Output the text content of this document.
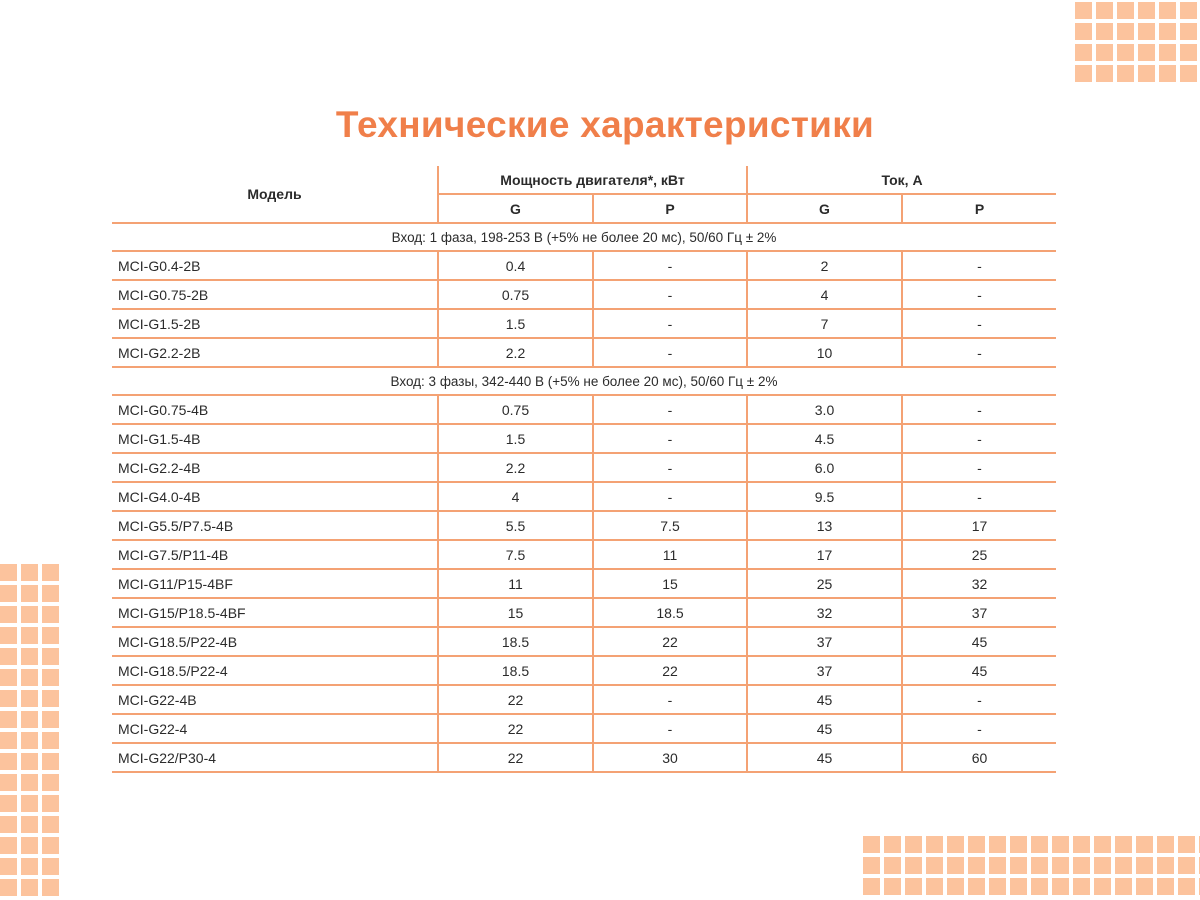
Технические характеристики
Модель	Мощность двигателя*, кВт		Ток, А	
	G	P	G	P
Вход: 1 фаза, 198-253 В (+5% не более 20 мс), 50/60 Гц ± 2%				
MCI-G0.4-2B	0.4	-	2	-
MCI-G0.75-2B	0.75	-	4	-
MCI-G1.5-2B	1.5	-	7	-
MCI-G2.2-2B	2.2	-	10	-
Вход: 3 фазы, 342-440 В (+5% не более 20 мс), 50/60 Гц ± 2%				
MCI-G0.75-4B	0.75	-	3.0	-
MCI-G1.5-4B	1.5	-	4.5	-
MCI-G2.2-4B	2.2	-	6.0	-
MCI-G4.0-4B	4	-	9.5	-
MCI-G5.5/P7.5-4B	5.5	7.5	13	17
MCI-G7.5/P11-4B	7.5	11	17	25
MCI-G11/P15-4BF	11	15	25	32
MCI-G15/P18.5-4BF	15	18.5	32	37
MCI-G18.5/P22-4B	18.5	22	37	45
MCI-G18.5/P22-4	18.5	22	37	45
MCI-G22-4B	22	-	45	-
MCI-G22-4	22	-	45	-
MCI-G22/P30-4	22	30	45	60
